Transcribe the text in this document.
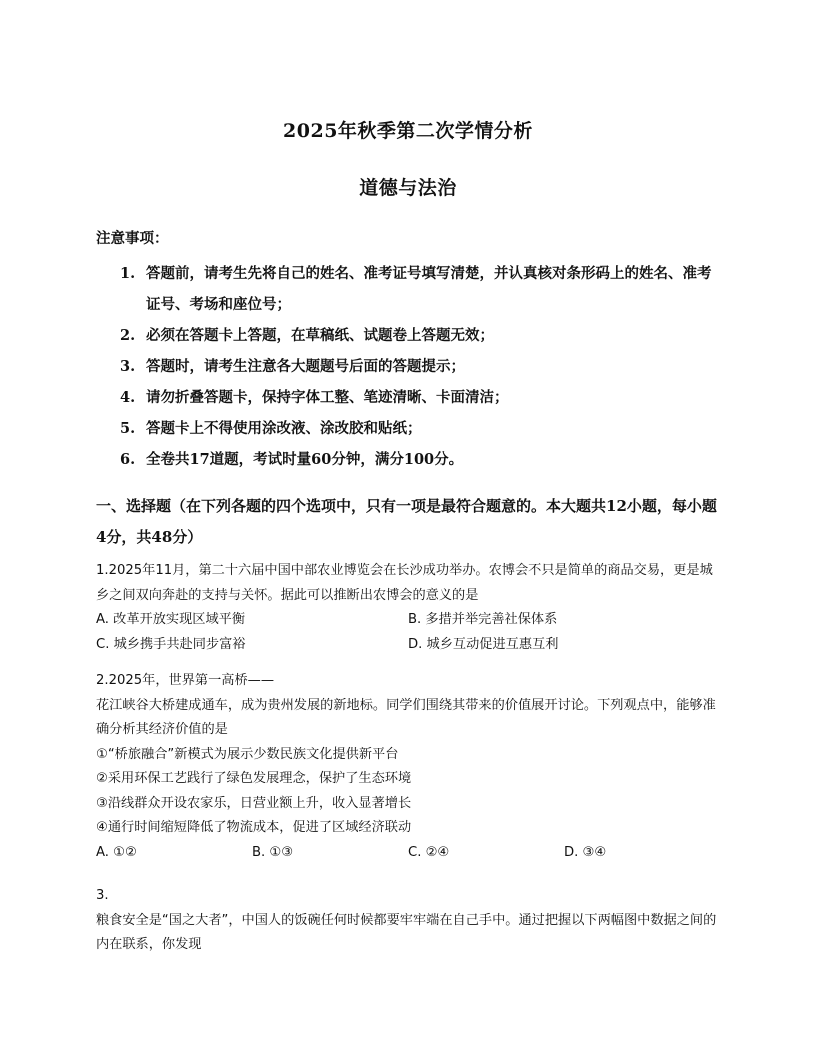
2025年秋季第二次学情分析
道德与法治
注意事项：
1. 答题前，请考生先将自己的姓名、准考证号填写清楚，并认真核对条形码上的姓名、准考证号、考场和座位号；
2. 必须在答题卡上答题，在草稿纸、试题卷上答题无效；
3. 答题时，请考生注意各大题题号后面的答题提示；
4. 请勿折叠答题卡，保持字体工整、笔迹清晰、卡面清洁；
5. 答题卡上不得使用涂改液、涂改胶和贴纸；
6. 全卷共17道题，考试时量60分钟，满分100分。
一、选择题（在下列各题的四个选项中，只有一项是最符合题意的。本大题共12小题，每小题4分，共48分）
1.2025年11月，第二十六届中国中部农业博览会在长沙成功举办。农博会不只是简单的商品交易，更是城乡之间双向奔赴的支持与关怀。据此可以推断出农博会的意义的是
A. 改革开放实现区域平衡	B. 多措并举完善社保体系
C. 城乡携手共赴同步富裕	D. 城乡互动促进互惠互利
2.2025年，世界第一高桥——
花江峡谷大桥建成通车，成为贵州发展的新地标。同学们围绕其带来的价值展开讨论。下列观点中，能够准确分析其经济价值的是
①“桥旅融合”新模式为展示少数民族文化提供新平台
②采用环保工艺践行了绿色发展理念，保护了生态环境
③沿线群众开设农家乐，日营业额上升，收入显著增长
④通行时间缩短降低了物流成本，促进了区域经济联动
A. ①②	B. ①③	C. ②④	D. ③④
3.
粮食安全是“国之大者”，中国人的饭碗任何时候都要牢牢端在自己手中。通过把握以下两幅图中数据之间的内在联系，你发现
